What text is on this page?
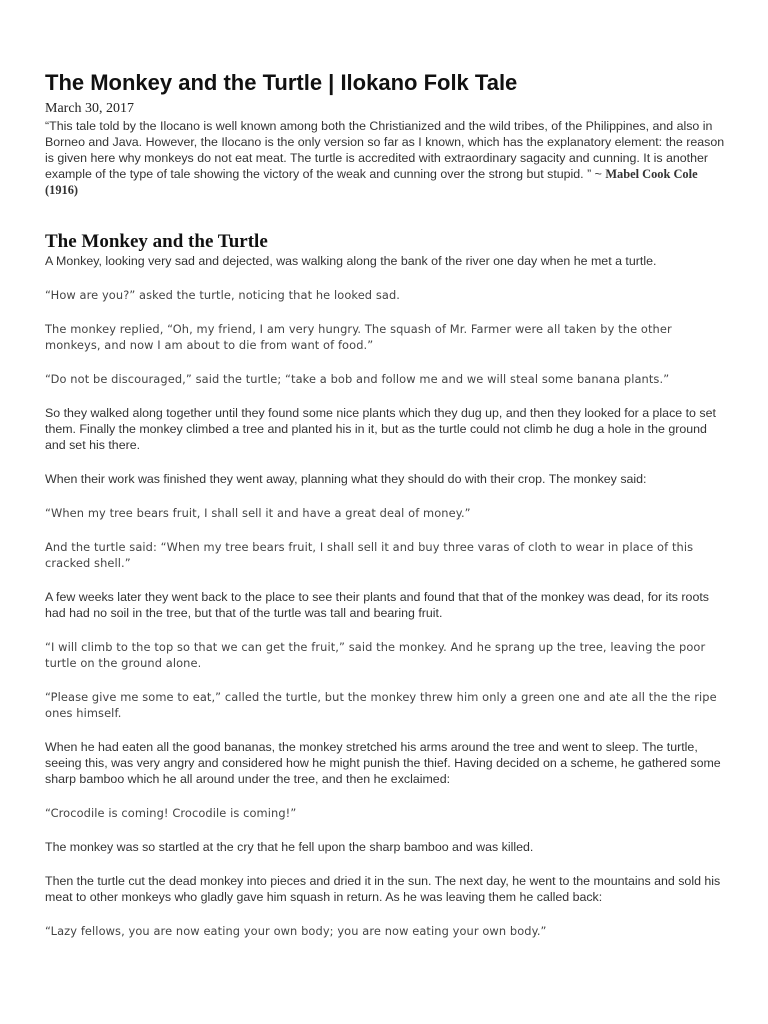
The Monkey and the Turtle | Ilokano Folk Tale
March 30, 2017

“This tale told by the Ilocano is well known among both the Christianized and the wild tribes, of the Philippines, and also in Borneo and Java. However, the Ilocano is the only version so far as I known, which has the explanatory element: the reason is given here why monkeys do not eat meat. The turtle is accredited with extraordinary sagacity and cunning. It is another example of the type of tale showing the victory of the weak and cunning over the strong but stupid. ” ~ Mabel Cook Cole (1916)

The Monkey and the Turtle

A Monkey, looking very sad and dejected, was walking along the bank of the river one day when he met a turtle.

“How are you?” asked the turtle, noticing that he looked sad.

The monkey replied, “Oh, my friend, I am very hungry. The squash of Mr. Farmer were all taken by the other monkeys, and now I am about to die from want of food.”

“Do not be discouraged,” said the turtle; “take a bob and follow me and we will steal some banana plants.”

So they walked along together until they found some nice plants which they dug up, and then they looked for a place to set them. Finally the monkey climbed a tree and planted his in it, but as the turtle could not climb he dug a hole in the ground and set his there.

When their work was finished they went away, planning what they should do with their crop. The monkey said:

“When my tree bears fruit, I shall sell it and have a great deal of money.”

And the turtle said: “When my tree bears fruit, I shall sell it and buy three varas of cloth to wear in place of this cracked shell.”

A few weeks later they went back to the place to see their plants and found that that of the monkey was dead, for its roots had had no soil in the tree, but that of the turtle was tall and bearing fruit.

“I will climb to the top so that we can get the fruit,” said the monkey. And he sprang up the tree, leaving the poor turtle on the ground alone.

“Please give me some to eat,” called the turtle, but the monkey threw him only a green one and ate all the the ripe ones himself.

When he had eaten all the good bananas, the monkey stretched his arms around the tree and went to sleep. The turtle, seeing this, was very angry and considered how he might punish the thief. Having decided on a scheme, he gathered some sharp bamboo which he all around under the tree, and then he exclaimed:

“Crocodile is coming! Crocodile is coming!”

The monkey was so startled at the cry that he fell upon the sharp bamboo and was killed.

Then the turtle cut the dead monkey into pieces and dried it in the sun. The next day, he went to the mountains and sold his meat to other monkeys who gladly gave him squash in return. As he was leaving them he called back:

“Lazy fellows, you are now eating your own body; you are now eating your own body.”
